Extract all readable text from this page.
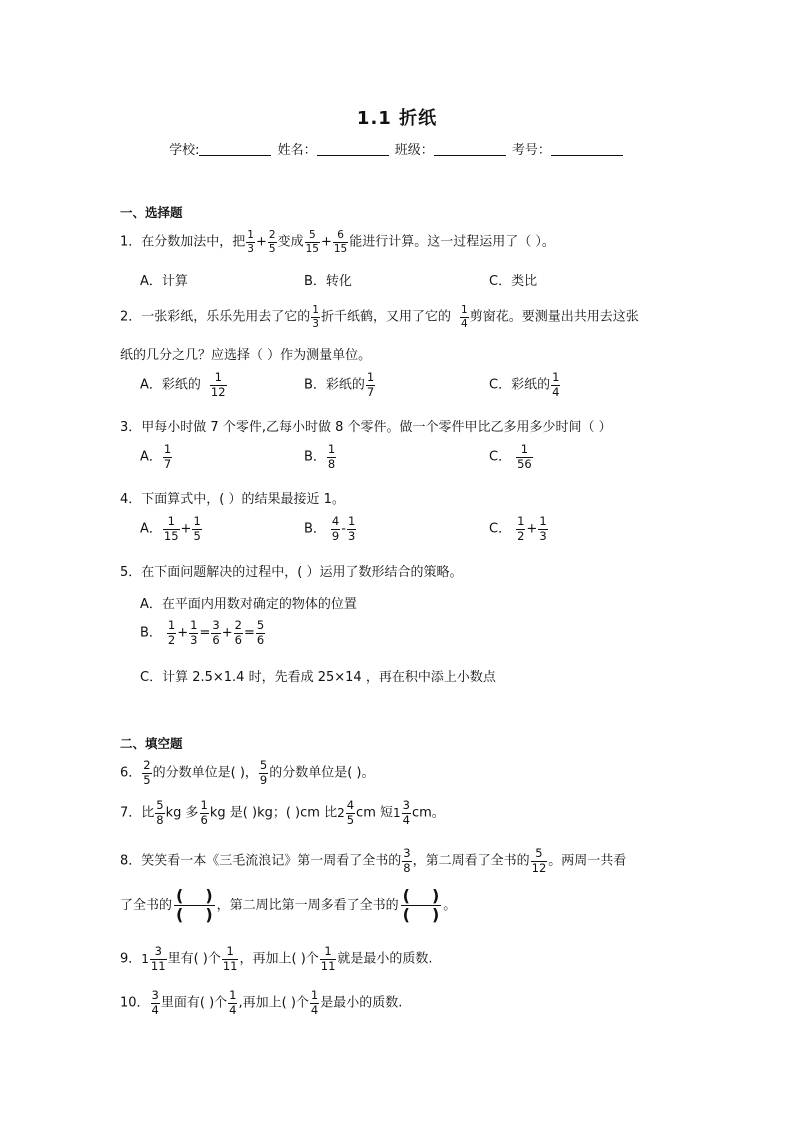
1.1 折纸
学校:	姓名：	班级：	考号：
一、选择题
1．在分数加法中，把 $\frac{1}{3} + \frac{2}{5}$ 变成 $\frac{5}{15} + \frac{6}{15}$ 能进行计算。这一过程运用了（ ）。
A．计算	B．转化	C．类比
2．一张彩纸，乐乐先用去了它的 $\frac{1}{3}$ 折千纸鹤，又用了它的 $\frac{1}{4}$ 剪窗花。要测量出共用去这张
纸的几分之几？应选择（ ）作为测量单位。
A．彩纸的 $\frac{1}{12}$	B．彩纸的 $\frac{1}{7}$	C．彩纸的 $\frac{1}{4}$
3．甲每小时做 7 个零件,乙每小时做 8 个零件。做一个零件甲比乙多用多少时间（ ）
A． $\frac{1}{7}$	B． $\frac{1}{8}$	C． $\frac{1}{56}$
4．下面算式中，( ）的结果最接近 1。
A． $\frac{1}{15} + \frac{1}{5}$	B． $\frac{4}{9} - \frac{1}{3}$	C． $\frac{1}{2} + \frac{1}{3}$
5．在下面问题解决的过程中，( ）运用了数形结合的策略。
A．在平面内用数对确定的物体的位置
B． $\frac{1}{2} + \frac{1}{3} = \frac{3}{6} + \frac{2}{6} = \frac{5}{6}$
C．计算 2.5×1.4 时，先看成 25×14 ，再在积中添上小数点
二、填空题
6． $\frac{2}{5}$ 的分数单位是( )， $\frac{5}{9}$ 的分数单位是( )。
7．比 $\frac{5}{8}$ kg 多 $\frac{1}{6}$ kg 是( )kg；( )cm 比$2 \frac{4}{5}$ cm 短$1 \frac{3}{4}$ cm。
8．笑笑看一本《三毛流浪记》第一周看了全书的 $\frac{3}{8}$ ，第二周看了全书的 $\frac{5}{12}$ 。两周一共看
了全书的
( )
( ) ，第二周比第一周多看了全书的
( )
( ) 。
9．$1 \frac{3}{11}$ 里有( )个 $\frac{1}{11}$ ，再加上( )个 $\frac{1}{11}$ 就是最小的质数.
10． $\frac{3}{4}$ 里面有( )个 $\frac{1}{4}$ ,再加上( )个 $\frac{1}{4}$ 是最小的质数.
